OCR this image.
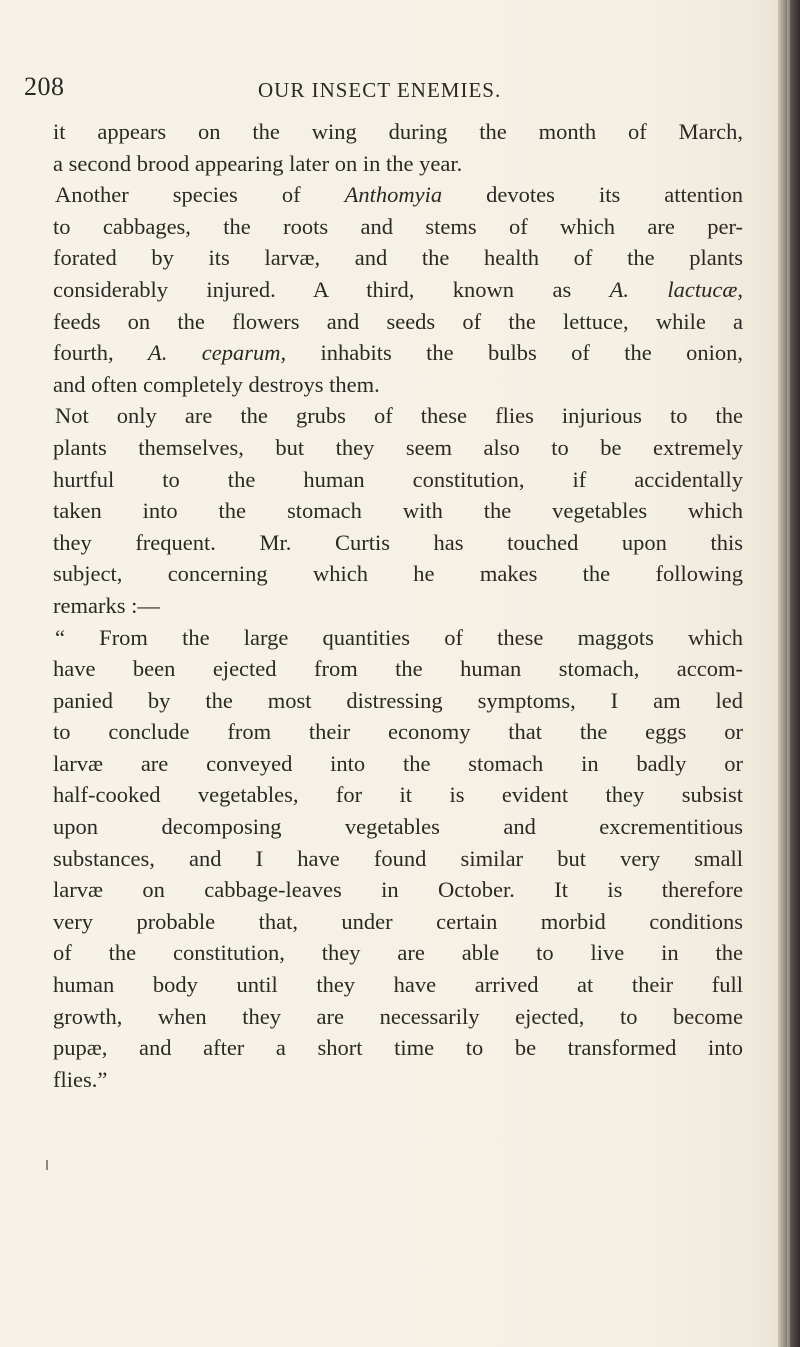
208	OUR INSECT ENEMIES.
it appears on the wing during the month of March,
a second brood appearing later on in the year.
Another species of Anthomyia devotes its attention
to cabbages, the roots and stems of which are per-
forated by its larvæ, and the health of the plants
considerably injured. A third, known as A. lactucæ,
feeds on the flowers and seeds of the lettuce, while a
fourth, A. ceparum, inhabits the bulbs of the onion,
and often completely destroys them.
Not only are the grubs of these flies injurious to the
plants themselves, but they seem also to be extremely
hurtful to the human constitution, if accidentally
taken into the stomach with the vegetables which
they frequent. Mr. Curtis has touched upon this
subject, concerning which he makes the following
remarks :—
“ From the large quantities of these maggots which
have been ejected from the human stomach, accom-
panied by the most distressing symptoms, I am led
to conclude from their economy that the eggs or
larvæ are conveyed into the stomach in badly or
half-cooked vegetables, for it is evident they subsist
upon decomposing vegetables and excrementitious
substances, and I have found similar but very small
larvæ on cabbage-leaves in October. It is therefore
very probable that, under certain morbid conditions
of the constitution, they are able to live in the
human body until they have arrived at their full
growth, when they are necessarily ejected, to become
pupæ, and after a short time to be transformed into
flies.”
